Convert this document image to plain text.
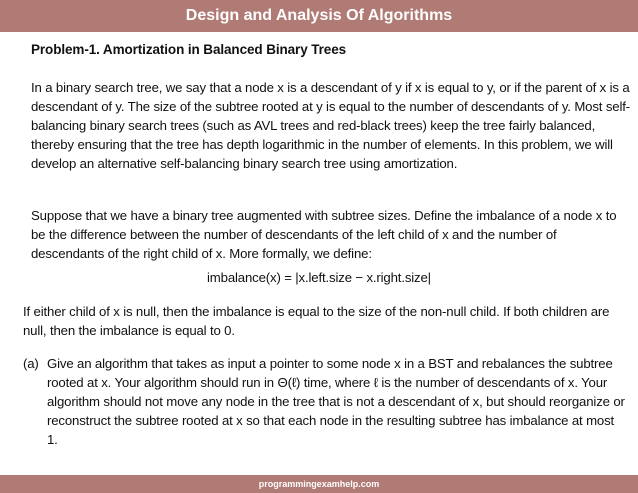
Design and Analysis Of Algorithms
Problem-1. Amortization in Balanced Binary Trees
In a binary search tree, we say that a node x is a descendant of y if x is equal to y, or if the parent of x is a descendant of y. The size of the subtree rooted at y is equal to the number of descendants of y. Most self-balancing binary search trees (such as AVL trees and red-black trees) keep the tree fairly balanced, thereby ensuring that the tree has depth logarithmic in the number of elements. In this problem, we will develop an alternative self-balancing binary search tree using amortization.
Suppose that we have a binary tree augmented with subtree sizes. Define the imbalance of a node x to be the difference between the number of descendants of the left child of x and the number of descendants of the right child of x. More formally, we define:
imbalance(x) = |x.left.size − x.right.size|
If either child of x is null, then the imbalance is equal to the size of the non-null child. If both children are null, then the imbalance is equal to 0.
(a) Give an algorithm that takes as input a pointer to some node x in a BST and rebalances the subtree rooted at x. Your algorithm should run in Θ(ℓ) time, where ℓ is the number of descendants of x. Your algorithm should not move any node in the tree that is not a descendant of x, but should reorganize or reconstruct the subtree rooted at x so that each node in the resulting subtree has imbalance at most 1.
programmingexamhelp.com
